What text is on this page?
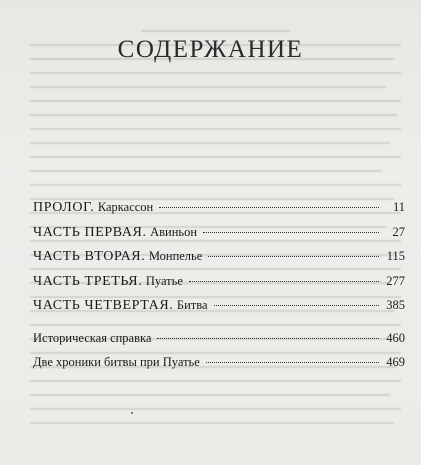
СОДЕРЖАНИЕ
ПРОЛОГ. Каркассон	11
ЧАСТЬ ПЕРВАЯ. Авиньон	27
ЧАСТЬ ВТОРАЯ. Монпелье	115
ЧАСТЬ ТРЕТЬЯ. Пуатье	277
ЧАСТЬ ЧЕТВЕРТАЯ. Битва	385
Историческая справка	460
Две хроники битвы при Пуатье	469
